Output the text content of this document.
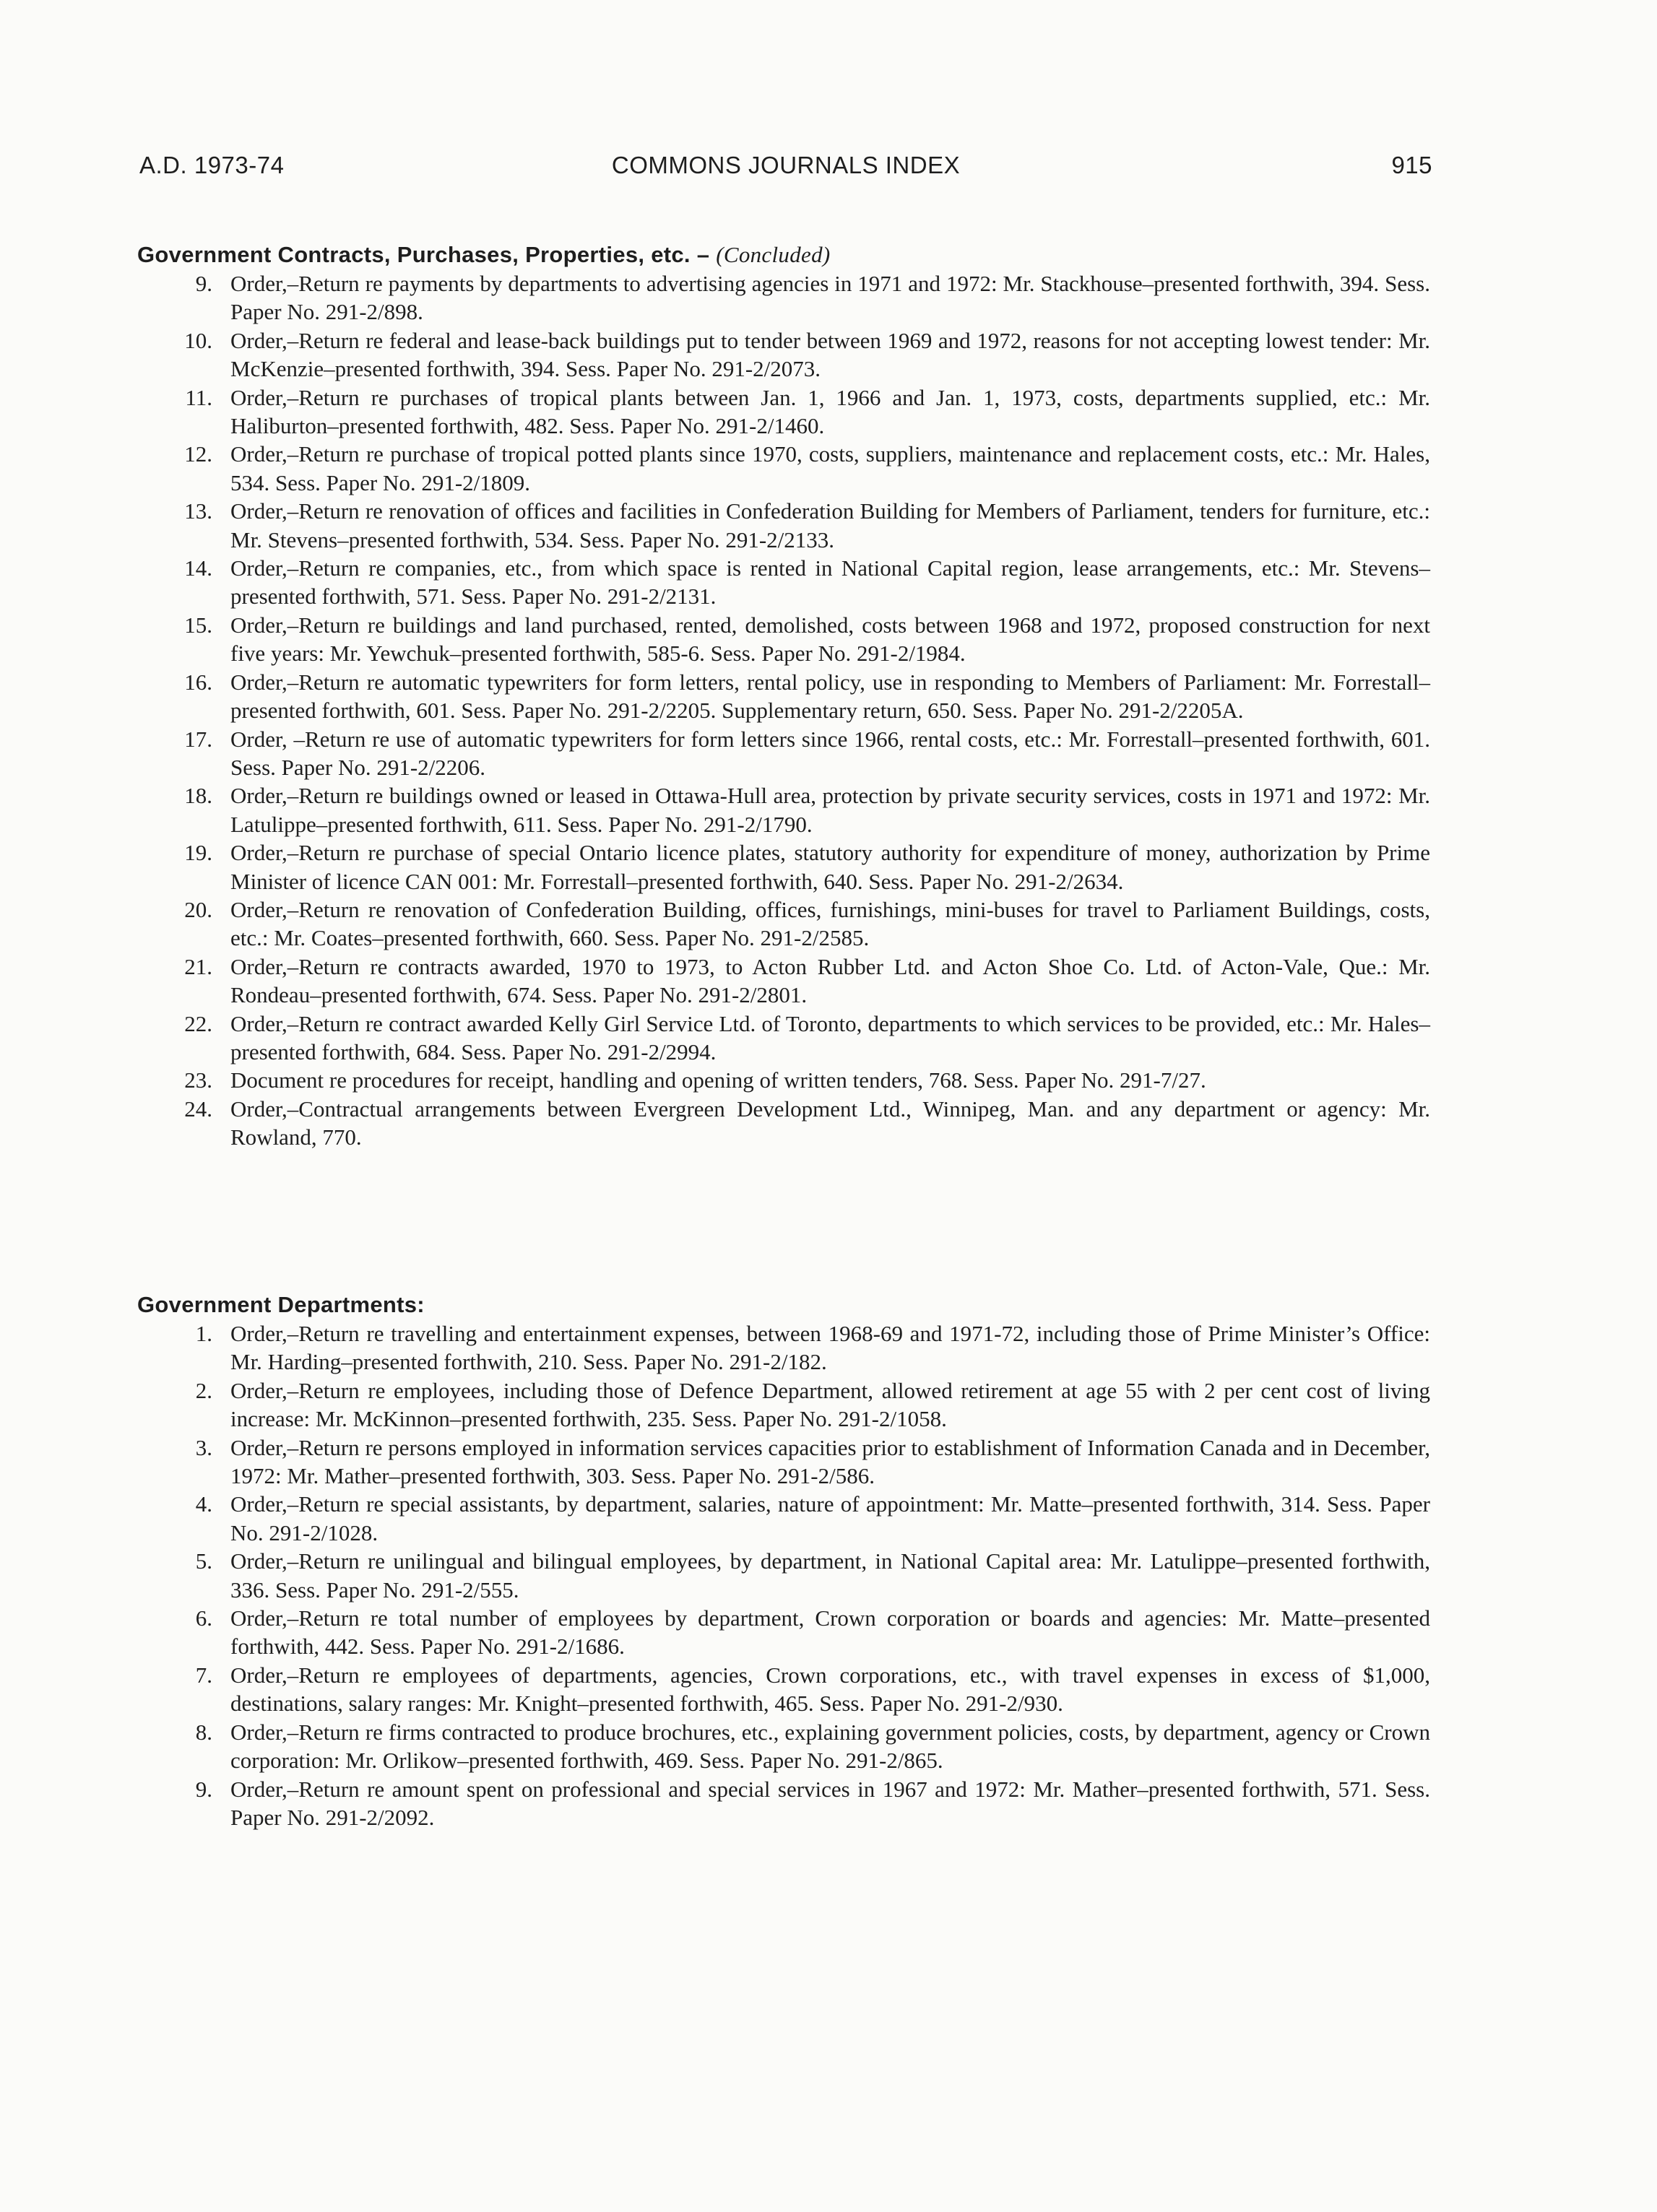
A.D. 1973-74	COMMONS JOURNALS INDEX	915
Government Contracts, Purchases, Properties, etc. – (Concluded)
9. Order,–Return re payments by departments to advertising agencies in 1971 and 1972: Mr. Stackhouse–presented forthwith, 394. Sess. Paper No. 291-2/898.
10. Order,–Return re federal and lease-back buildings put to tender between 1969 and 1972, reasons for not accepting lowest tender: Mr. McKenzie–presented forthwith, 394. Sess. Paper No. 291-2/2073.
11. Order,–Return re purchases of tropical plants between Jan. 1, 1966 and Jan. 1, 1973, costs, departments supplied, etc.: Mr. Haliburton–presented forthwith, 482. Sess. Paper No. 291-2/1460.
12. Order,–Return re purchase of tropical potted plants since 1970, costs, suppliers, maintenance and replacement costs, etc.: Mr. Hales, 534. Sess. Paper No. 291-2/1809.
13. Order,–Return re renovation of offices and facilities in Confederation Building for Members of Parliament, tenders for furniture, etc.: Mr. Stevens–presented forthwith, 534. Sess. Paper No. 291-2/2133.
14. Order,–Return re companies, etc., from which space is rented in National Capital region, lease arrangements, etc.: Mr. Stevens–presented forthwith, 571. Sess. Paper No. 291-2/2131.
15. Order,–Return re buildings and land purchased, rented, demolished, costs between 1968 and 1972, proposed construction for next five years: Mr. Yewchuk–presented forthwith, 585-6. Sess. Paper No. 291-2/1984.
16. Order,–Return re automatic typewriters for form letters, rental policy, use in responding to Members of Parliament: Mr. Forrestall–presented forthwith, 601. Sess. Paper No. 291-2/2205. Supplementary return, 650. Sess. Paper No. 291-2/2205A.
17. Order, –Return re use of automatic typewriters for form letters since 1966, rental costs, etc.: Mr. Forrestall–presented forthwith, 601. Sess. Paper No. 291-2/2206.
18. Order,–Return re buildings owned or leased in Ottawa-Hull area, protection by private security services, costs in 1971 and 1972: Mr. Latulippe–presented forthwith, 611. Sess. Paper No. 291-2/1790.
19. Order,–Return re purchase of special Ontario licence plates, statutory authority for expenditure of money, authorization by Prime Minister of licence CAN 001: Mr. Forrestall–presented forthwith, 640. Sess. Paper No. 291-2/2634.
20. Order,–Return re renovation of Confederation Building, offices, furnishings, mini-buses for travel to Parliament Buildings, costs, etc.: Mr. Coates–presented forthwith, 660. Sess. Paper No. 291-2/2585.
21. Order,–Return re contracts awarded, 1970 to 1973, to Acton Rubber Ltd. and Acton Shoe Co. Ltd. of Acton-Vale, Que.: Mr. Rondeau–presented forthwith, 674. Sess. Paper No. 291-2/2801.
22. Order,–Return re contract awarded Kelly Girl Service Ltd. of Toronto, departments to which services to be provided, etc.: Mr. Hales–presented forthwith, 684. Sess. Paper No. 291-2/2994.
23. Document re procedures for receipt, handling and opening of written tenders, 768. Sess. Paper No. 291-7/27.
24. Order,–Contractual arrangements between Evergreen Development Ltd., Winnipeg, Man. and any department or agency: Mr. Rowland, 770.
Government Departments:
1. Order,–Return re travelling and entertainment expenses, between 1968-69 and 1971-72, including those of Prime Minister’s Office: Mr. Harding–presented forthwith, 210. Sess. Paper No. 291-2/182.
2. Order,–Return re employees, including those of Defence Department, allowed retirement at age 55 with 2 per cent cost of living increase: Mr. McKinnon–presented forthwith, 235. Sess. Paper No. 291-2/1058.
3. Order,–Return re persons employed in information services capacities prior to establishment of Information Canada and in December, 1972: Mr. Mather–presented forthwith, 303. Sess. Paper No. 291-2/586.
4. Order,–Return re special assistants, by department, salaries, nature of appointment: Mr. Matte–presented forthwith, 314. Sess. Paper No. 291-2/1028.
5. Order,–Return re unilingual and bilingual employees, by department, in National Capital area: Mr. Latulippe–presented forthwith, 336. Sess. Paper No. 291-2/555.
6. Order,–Return re total number of employees by department, Crown corporation or boards and agencies: Mr. Matte–presented forthwith, 442. Sess. Paper No. 291-2/1686.
7. Order,–Return re employees of departments, agencies, Crown corporations, etc., with travel expenses in excess of $1,000, destinations, salary ranges: Mr. Knight–presented forthwith, 465. Sess. Paper No. 291-2/930.
8. Order,–Return re firms contracted to produce brochures, etc., explaining government policies, costs, by department, agency or Crown corporation: Mr. Orlikow–presented forthwith, 469. Sess. Paper No. 291-2/865.
9. Order,–Return re amount spent on professional and special services in 1967 and 1972: Mr. Mather–presented forthwith, 571. Sess. Paper No. 291-2/2092.
